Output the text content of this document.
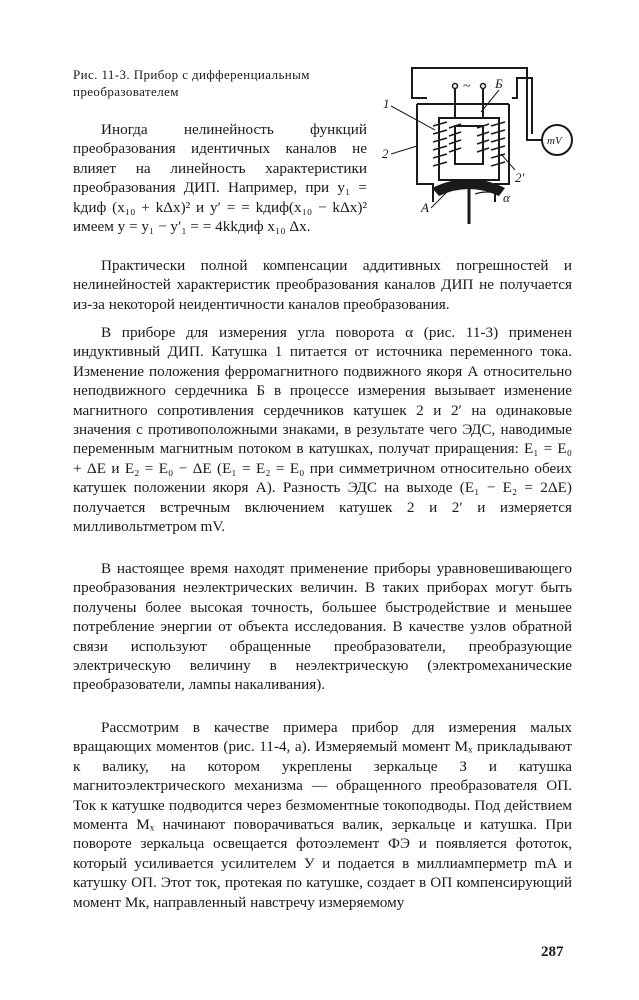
Рис. 11-3. Прибор с дифференциальным преобразователем
1
2
2′
Б
А
α
mV
~

Иногда нелинейность функций преобразования идентичных каналов не влияет на линейность характеристики преобразования ДИП. Например, при y₁ = kдиф (x₁₀ + kΔx)² и y′ = = kдиф(x₁₀ − kΔx)² имеем y = y₁ − y′₁ = = 4kkдиф x₁₀ Δx.

Практически полной компенсации аддитивных погрешностей и нелинейностей характеристик преобразования каналов ДИП не получается из-за некоторой неидентичности каналов преобразования.

В приборе для измерения угла поворота α (рис. 11-3) применен индуктивный ДИП. Катушка 1 питается от источника переменного тока. Изменение положения ферромагнитного подвижного якоря А относительно неподвижного сердечника Б в процессе измерения вызывает изменение магнитного сопротивления сердечников катушек 2 и 2′ на одинаковые значения с противоположными знаками, в результате чего ЭДС, наводимые переменным магнитным потоком в катушках, получат приращения: E₁ = E₀ + ΔE и E₂ = E₀ − ΔE (E₁ = E₂ = E₀ при симметричном относительно обеих катушек положении якоря А). Разность ЭДС на выходе (E₁ − E₂ = 2ΔE) получается встречным включением катушек 2 и 2′ и измеряется милливольтметром mV.

В настоящее время находят применение приборы уравновешивающего преобразования неэлектрических величин. В таких приборах могут быть получены более высокая точность, большее быстродействие и меньшее потребление энергии от объекта исследования. В качестве узлов обратной связи используют обращенные преобразователи, преобразующие электрическую величину в неэлектрическую (электромеханические преобразователи, лампы накаливания).

Рассмотрим в качестве примера прибор для измерения малых вращающих моментов (рис. 11-4, а). Измеряемый момент Mₓ прикладывают к валику, на котором укреплены зеркальце З и катушка магнитоэлектрического механизма — обращенного преобразователя ОП. Ток к катушке подводится через безмоментные токоподводы. Под действием момента Mₓ начинают поворачиваться валик, зеркальце и катушка. При повороте зеркальца освещается фотоэлемент ФЭ и появляется фототок, который усиливается усилителем У и подается в миллиамперметр mA и катушку ОП. Этот ток, протекая по катушке, создает в ОП компенсирующий момент Mк, направленный навстречу измеряемому

287
